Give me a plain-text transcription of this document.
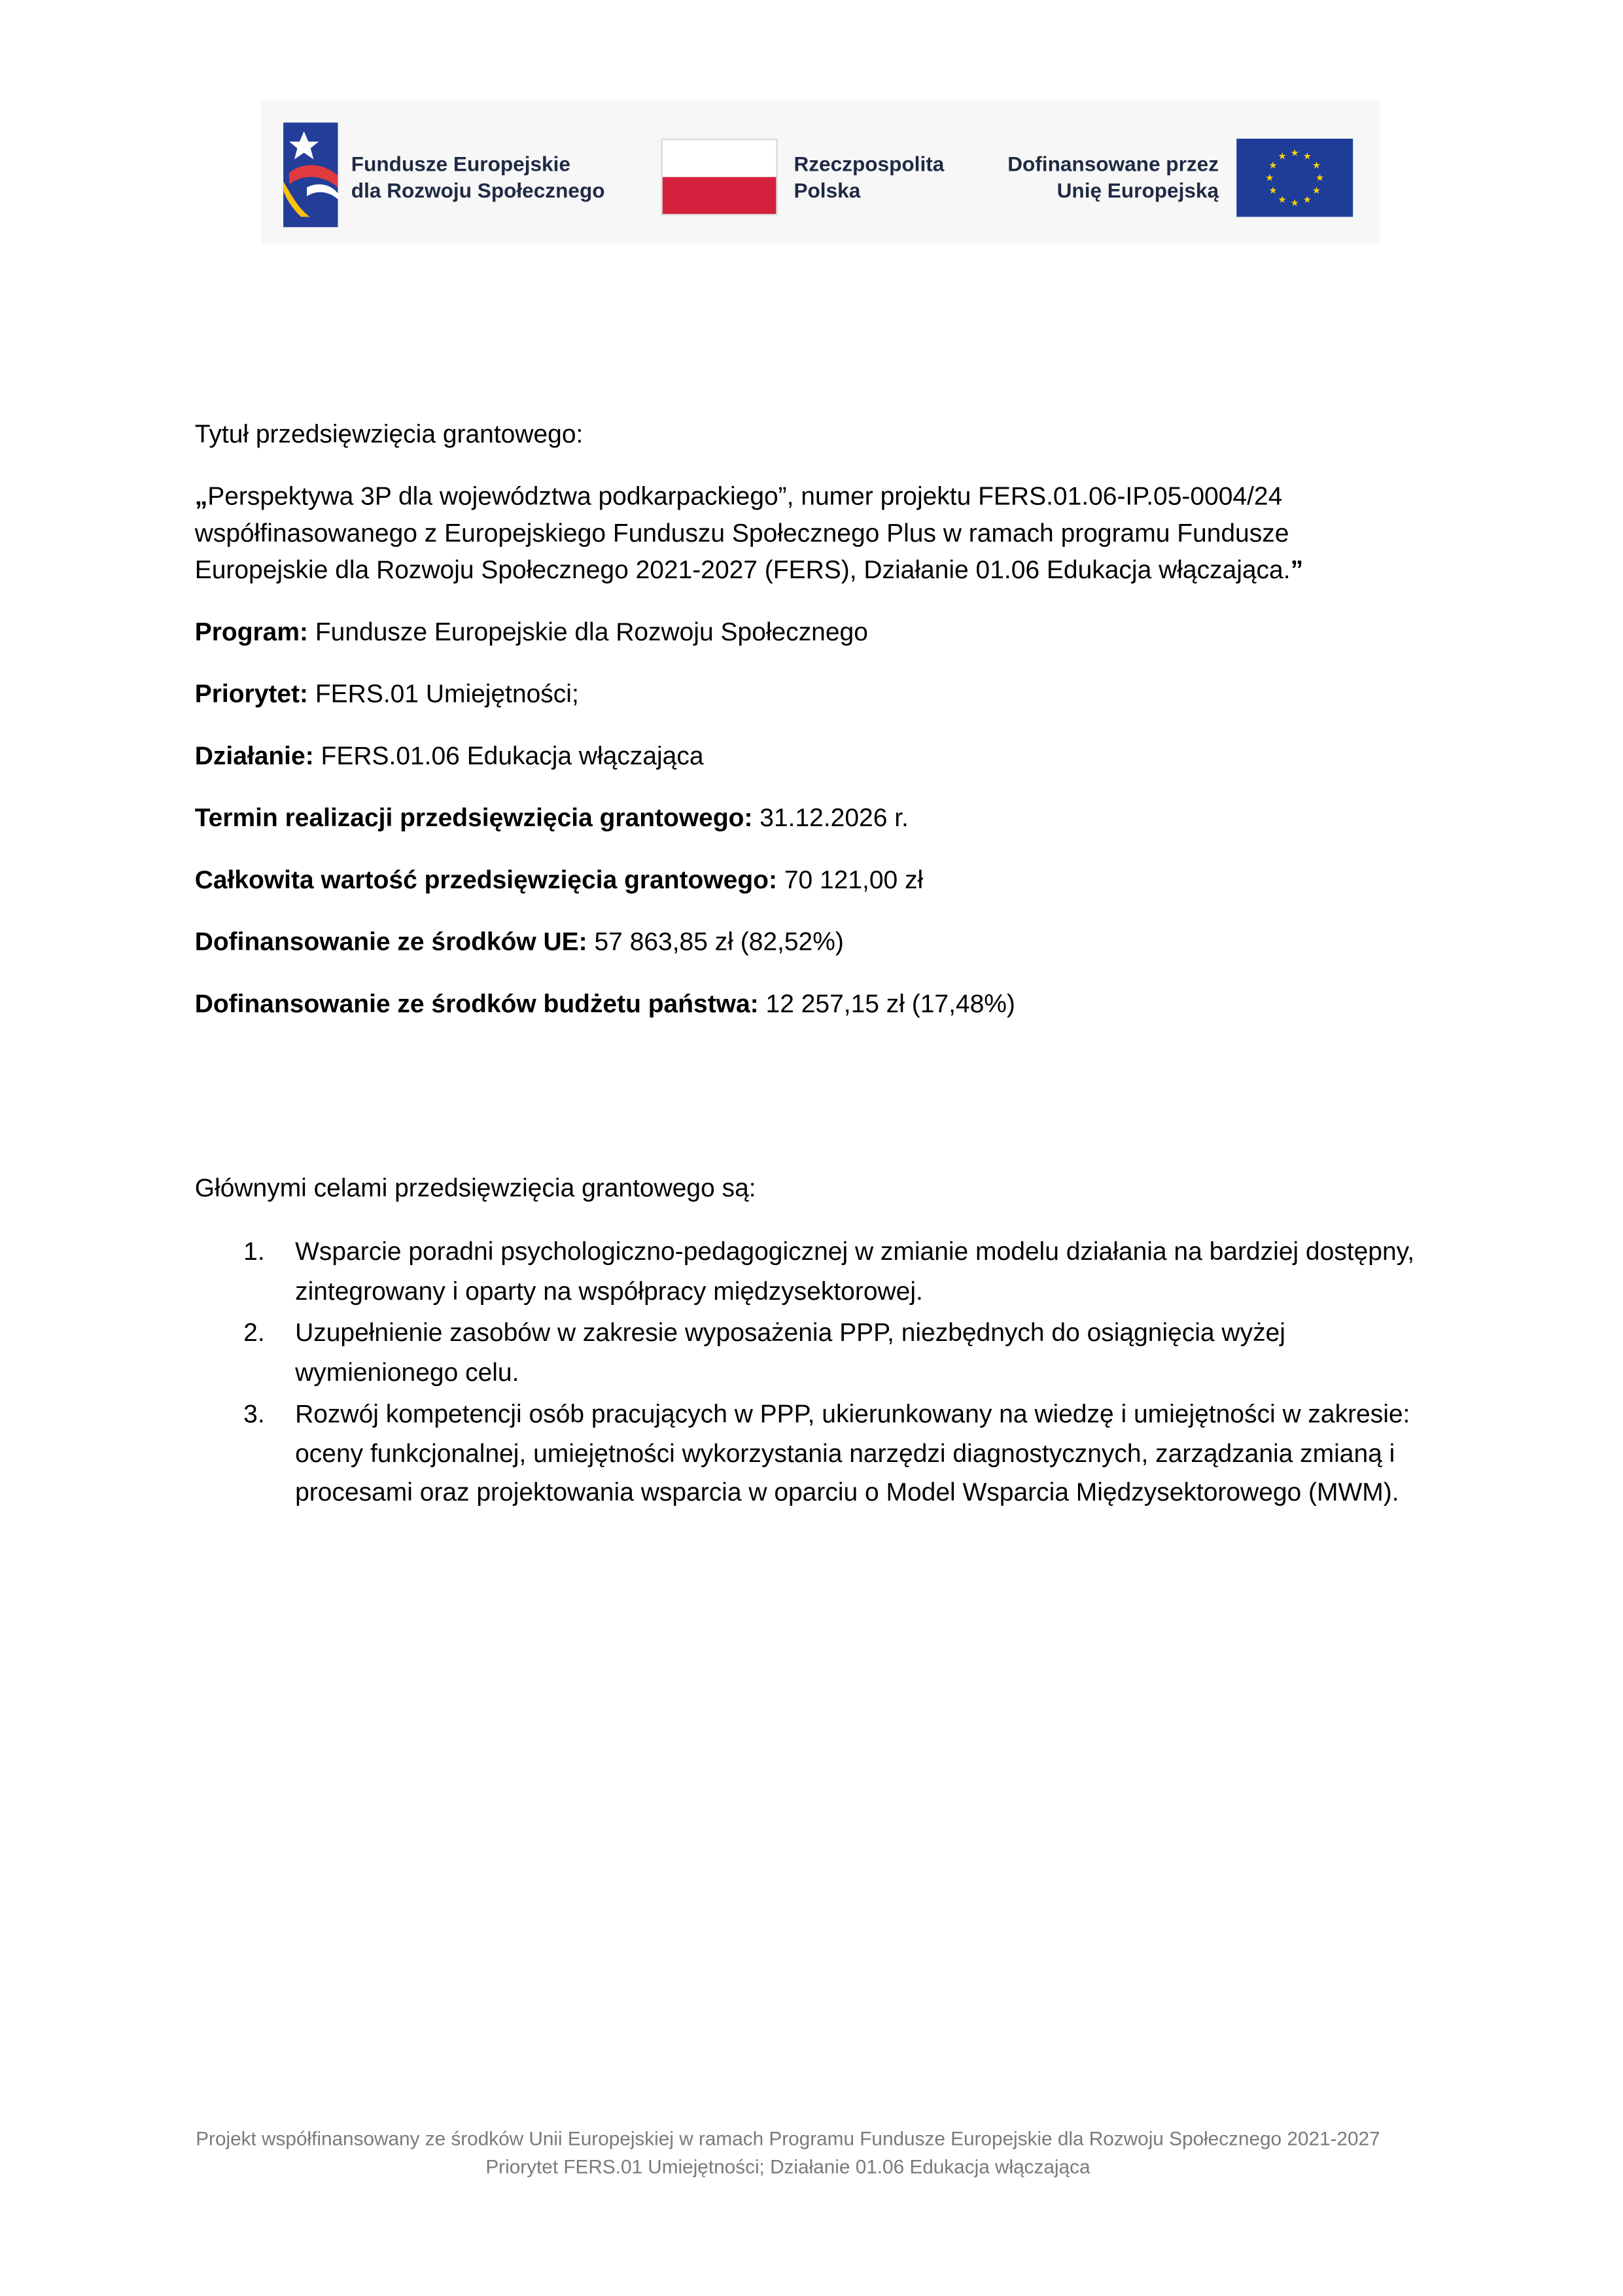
Fundusze Europejskie
dla Rozwoju Społecznego
Rzeczpospolita
Polska
Dofinansowane przez
Unię Europejską
★ ★
★
★
★
★
★
★
★
★
★
★

Tytuł przedsięwzięcia grantowego:

„Perspektywa 3P dla województwa podkarpackiego”, numer projektu FERS.01.06-IP.05-0004/24 współfinasowanego z Europejskiego Funduszu Społecznego Plus w ramach programu Fundusze Europejskie dla Rozwoju Społecznego 2021-2027 (FERS), Działanie 01.06 Edukacja włączająca.”

Program: Fundusze Europejskie dla Rozwoju Społecznego

Priorytet: FERS.01 Umiejętności;

Działanie: FERS.01.06 Edukacja włączająca

Termin realizacji przedsięwzięcia grantowego: 31.12.2026 r.

Całkowita wartość przedsięwzięcia grantowego: 70 121,00 zł

Dofinansowanie ze środków UE: 57 863,85 zł (82,52%)

Dofinansowanie ze środków budżetu państwa: 12 257,15 zł (17,48%)

Głównymi celami przedsięwzięcia grantowego są:

1.	Wsparcie poradni psychologiczno-pedagogicznej w zmianie modelu działania na bardziej dostępny, zintegrowany i oparty na współpracy międzysektorowej.
2.	Uzupełnienie zasobów w zakresie wyposażenia PPP, niezbędnych do osiągnięcia wyżej wymienionego celu.
3.	Rozwój kompetencji osób pracujących w PPP, ukierunkowany na wiedzę i umiejętności w zakresie: oceny funkcjonalnej, umiejętności wykorzystania narzędzi diagnostycznych, zarządzania zmianą i procesami oraz projektowania wsparcia w oparciu o Model Wsparcia Międzysektorowego (MWM).
Projekt współfinansowany ze środków Unii Europejskiej w ramach Programu Fundusze Europejskie dla Rozwoju Społecznego 2021-2027
Priorytet FERS.01 Umiejętności; Działanie 01.06 Edukacja włączająca
